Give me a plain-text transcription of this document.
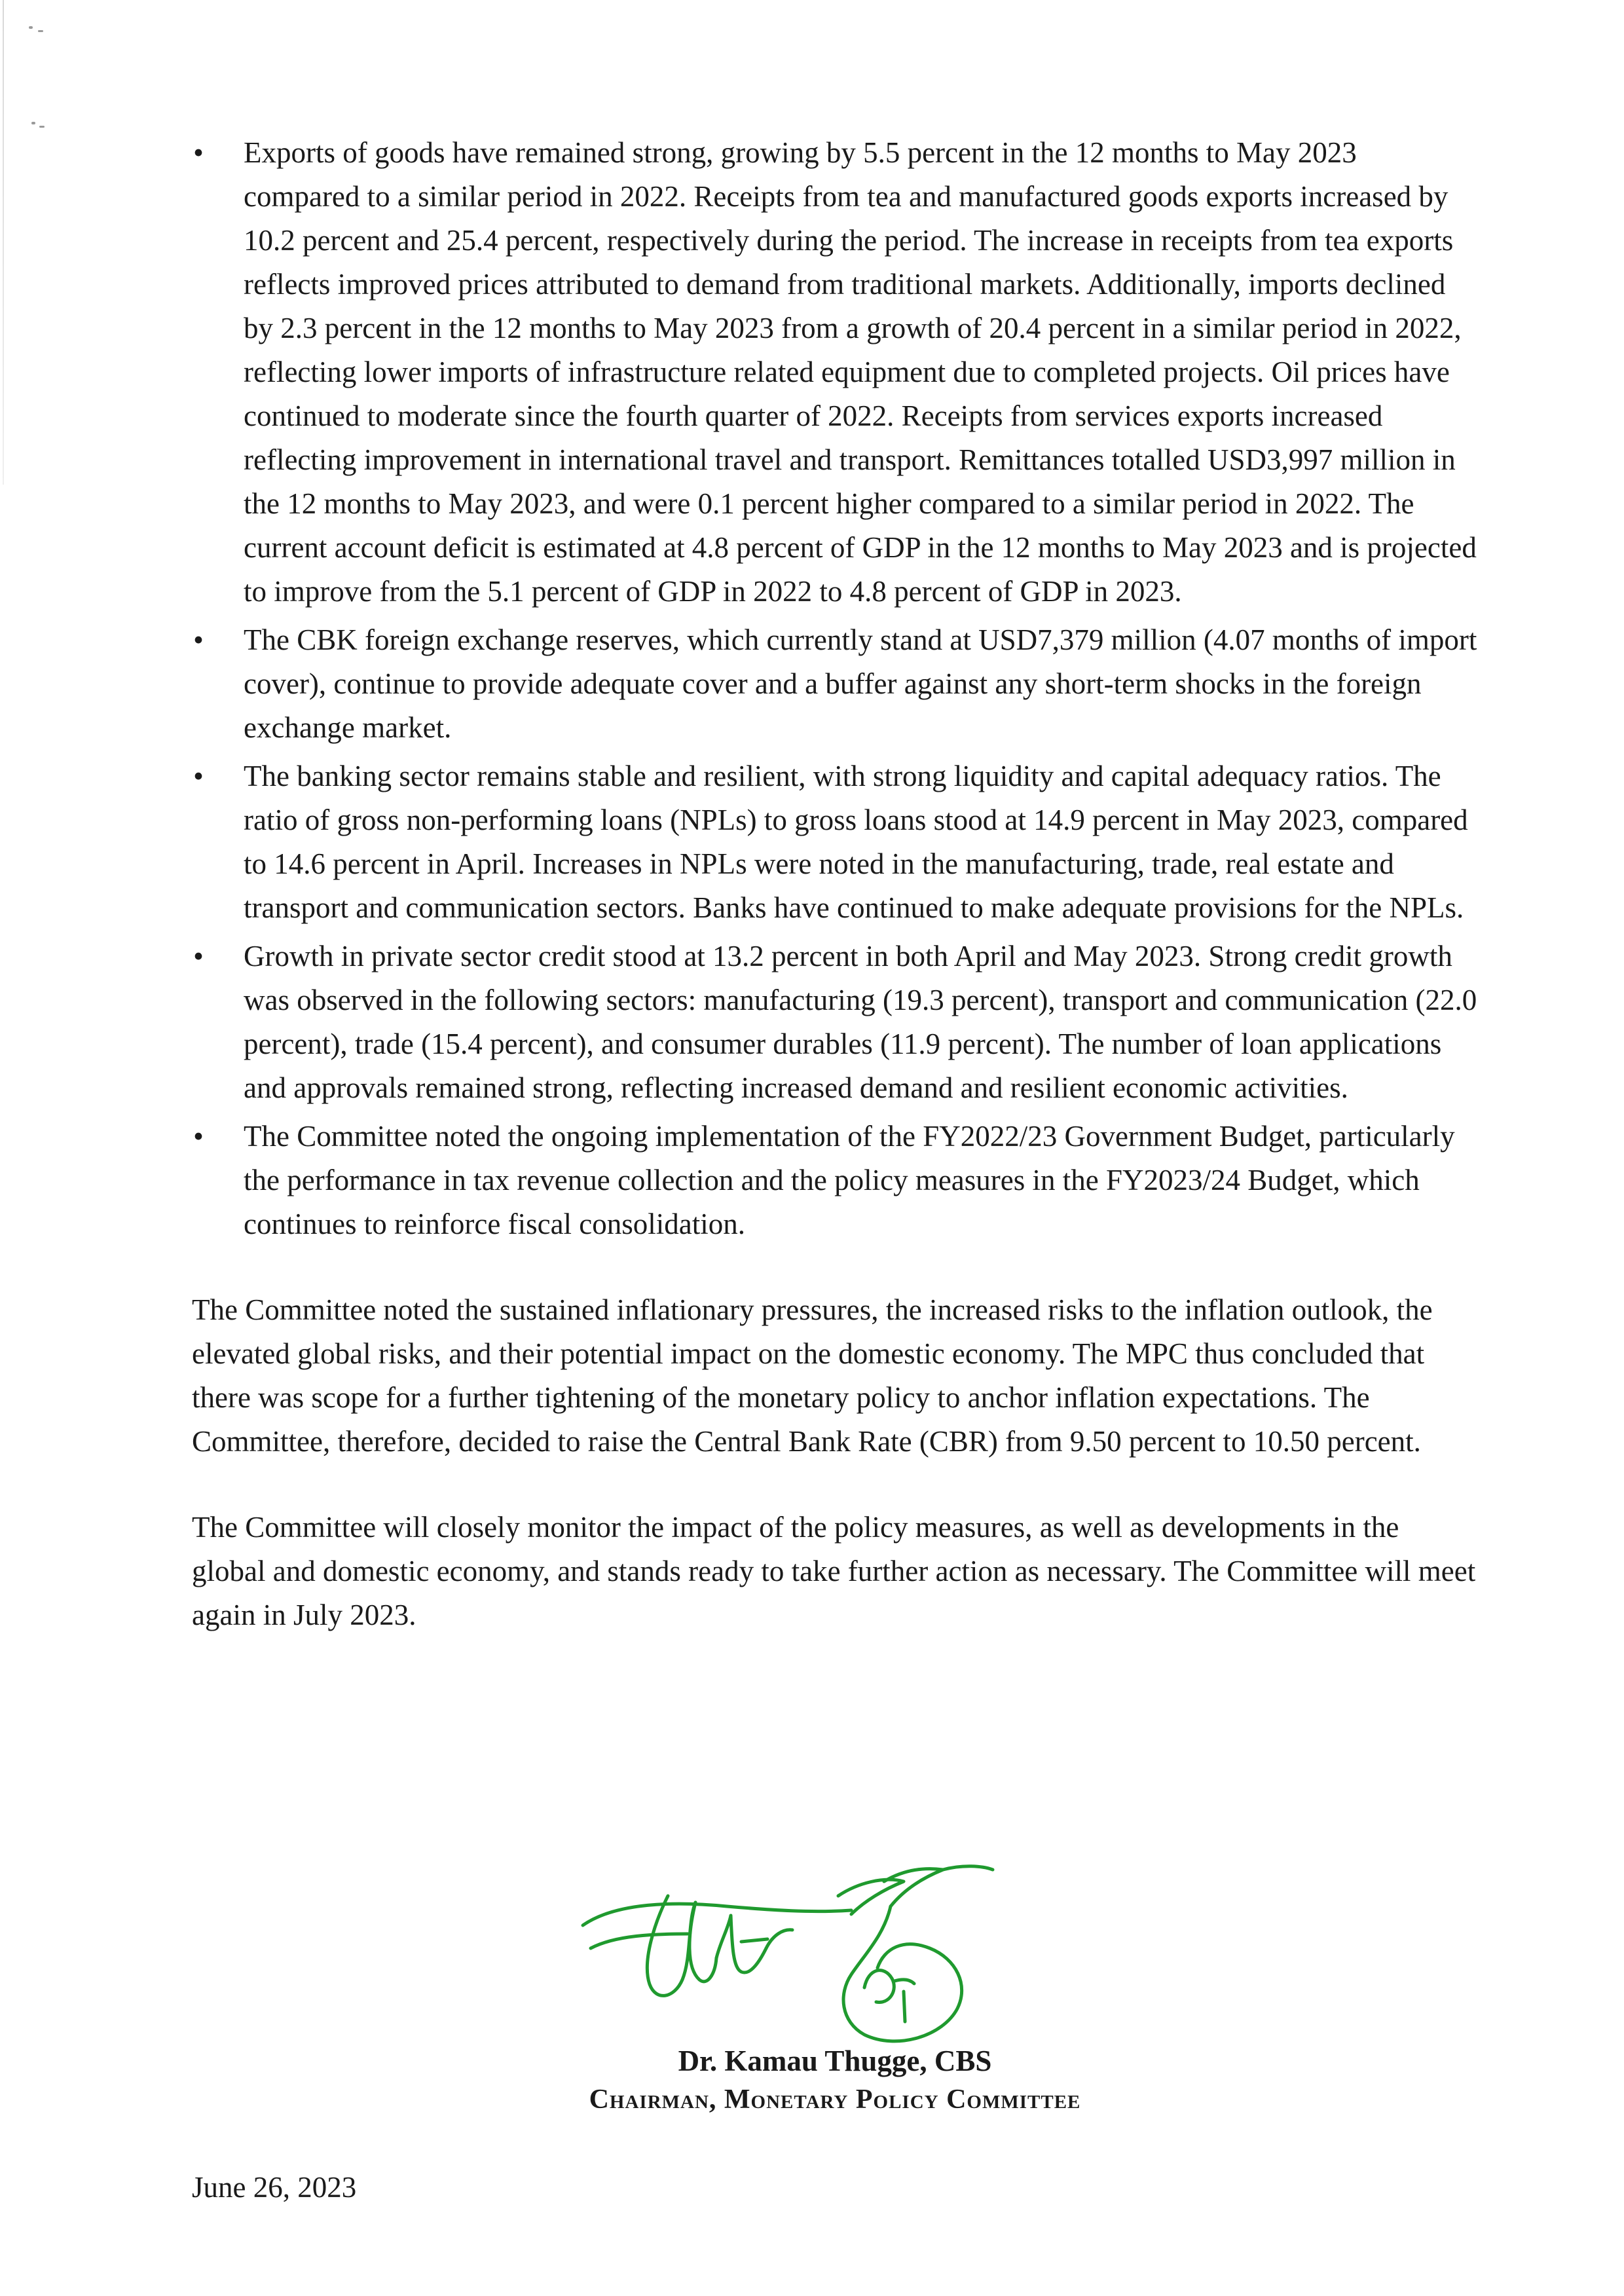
• Exports of goods have remained strong, growing by 5.5 percent in the 12 months to May 2023 compared to a similar period in 2022. Receipts from tea and manufactured goods exports increased by 10.2 percent and 25.4 percent, respectively during the period. The increase in receipts from tea exports reflects improved prices attributed to demand from traditional markets. Additionally, imports declined by 2.3 percent in the 12 months to May 2023 from a growth of 20.4 percent in a similar period in 2022, reflecting lower imports of infrastructure related equipment due to completed projects. Oil prices have continued to moderate since the fourth quarter of 2022. Receipts from services exports increased reflecting improvement in international travel and transport. Remittances totalled USD3,997 million in the 12 months to May 2023, and were 0.1 percent higher compared to a similar period in 2022. The current account deficit is estimated at 4.8 percent of GDP in the 12 months to May 2023 and is projected to improve from the 5.1 percent of GDP in 2022 to 4.8 percent of GDP in 2023.
• The CBK foreign exchange reserves, which currently stand at USD7,379 million (4.07 months of import cover), continue to provide adequate cover and a buffer against any short-term shocks in the foreign exchange market.
• The banking sector remains stable and resilient, with strong liquidity and capital adequacy ratios. The ratio of gross non-performing loans (NPLs) to gross loans stood at 14.9 percent in May 2023, compared to 14.6 percent in April. Increases in NPLs were noted in the manufacturing, trade, real estate and transport and communication sectors. Banks have continued to make adequate provisions for the NPLs.
• Growth in private sector credit stood at 13.2 percent in both April and May 2023. Strong credit growth was observed in the following sectors: manufacturing (19.3 percent), transport and communication (22.0 percent), trade (15.4 percent), and consumer durables (11.9 percent). The number of loan applications and approvals remained strong, reflecting increased demand and resilient economic activities.
• The Committee noted the ongoing implementation of the FY2022/23 Government Budget, particularly the performance in tax revenue collection and the policy measures in the FY2023/24 Budget, which continues to reinforce fiscal consolidation.

The Committee noted the sustained inflationary pressures, the increased risks to the inflation outlook, the elevated global risks, and their potential impact on the domestic economy. The MPC thus concluded that there was scope for a further tightening of the monetary policy to anchor inflation expectations. The Committee, therefore, decided to raise the Central Bank Rate (CBR) from 9.50 percent to 10.50 percent.

The Committee will closely monitor the impact of the policy measures, as well as developments in the global and domestic economy, and stands ready to take further action as necessary. The Committee will meet again in July 2023.

Dr. Kamau Thugge, CBS
Chairman, Monetary Policy Committee
June 26, 2023
